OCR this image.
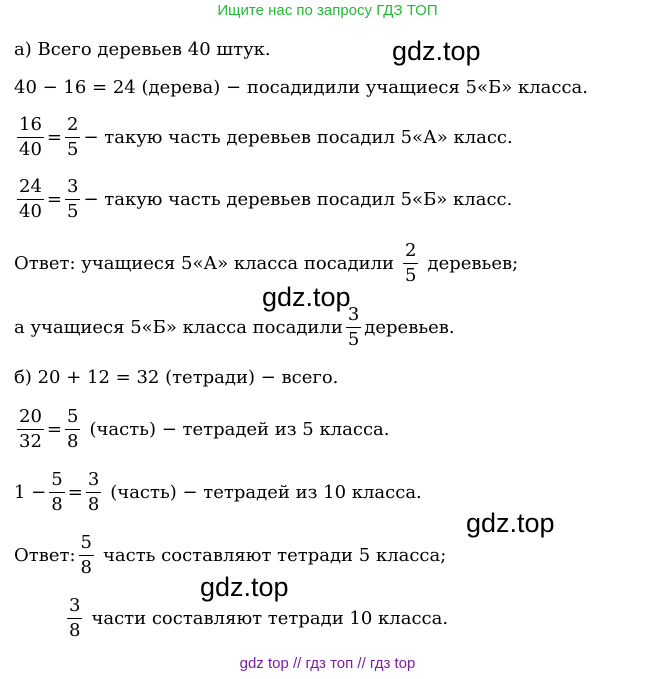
Ищите нас по запросу ГДЗ ТОП
gdz.top
gdz.top
gdz.top
gdz.top
а) Всего деревьев 40 штук.
40 − 16 = 24 (дерева) − посадидили учащиеся 5«Б» класса.
$\frac{16}{40} = \frac{2}{5}$ − такую часть деревьев посадил 5«А» класс.
$\frac{24}{40} = \frac{3}{5}$ − такую часть деревьев посадил 5«Б» класс.
Ответ: учащиеся 5«А» класса посадили $\frac{2}{5}$ деревьев;
а учащиеся 5«Б» класса посадили $\frac{3}{5}$ деревьев.
б) 20 + 12 = 32 (тетради) − всего.
$\frac{20}{32} = \frac{5}{8}$ (часть) − тетрадей из 5 класса.
$1 - \frac{5}{8} = \frac{3}{8}$ (часть) − тетрадей из 10 класса.
Ответ: $\frac{5}{8}$ часть составляют тетради 5 класса;
$\frac{3}{8}$ части составляют тетради 10 класса.
gdz top // гдз топ // гдз top
